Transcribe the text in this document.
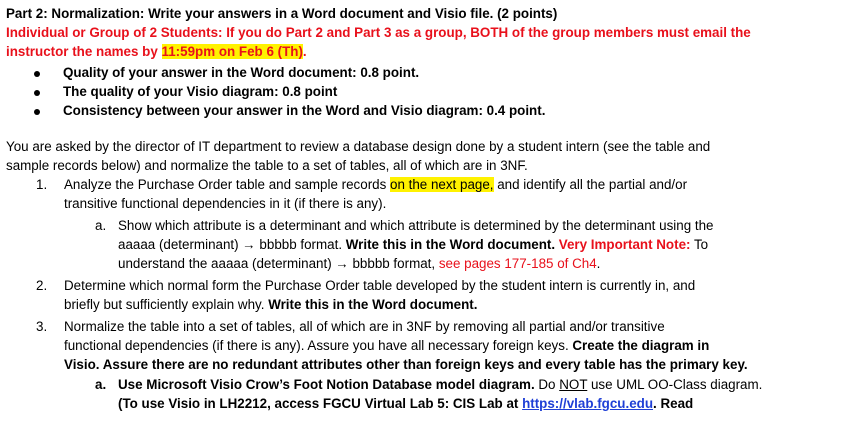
Part 2: Normalization: Write your answers in a Word document and Visio file. (2 points)
Individual or Group of 2 Students: If you do Part 2 and Part 3 as a group, BOTH of the group members must email the
instructor the names by 11:59pm on Feb 6 (Th).
Quality of your answer in the Word document: 0.8 point.
The quality of your Visio diagram: 0.8 point
Consistency between your answer in the Word and Visio diagram: 0.4 point.
You are asked by the director of IT department to review a database design done by a student intern (see the table and
sample records below) and normalize the table to a set of tables, all of which are in 3NF.
1. Analyze the Purchase Order table and sample records on the next page, and identify all the partial and/or
transitive functional dependencies in it (if there is any).
a. Show which attribute is a determinant and which attribute is determined by the determinant using the
aaaaa (determinant) → bbbbb format. Write this in the Word document. Very Important Note: To
understand the aaaaa (determinant) → bbbbb format, see pages 177-185 of Ch4.
2. Determine which normal form the Purchase Order table developed by the student intern is currently in, and
briefly but sufficiently explain why. Write this in the Word document.
3. Normalize the table into a set of tables, all of which are in 3NF by removing all partial and/or transitive
functional dependencies (if there is any). Assure you have all necessary foreign keys. Create the diagram in
Visio. Assure there are no redundant attributes other than foreign keys and every table has the primary key.
a. Use Microsoft Visio Crow’s Foot Notion Database model diagram. Do NOT use UML OO-Class diagram.
(To use Visio in LH2212, access FGCU Virtual Lab 5: CIS Lab at https://vlab.fgcu.edu. Read
